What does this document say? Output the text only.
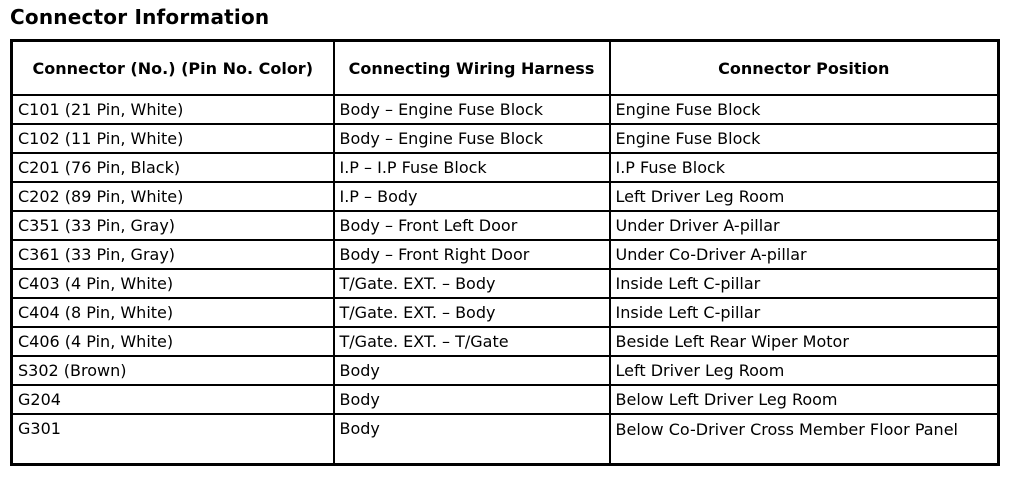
Connector Information
Connector (No.) (Pin No. Color)	Connecting Wiring Harness	Connector Position
C101 (21 Pin, White)	Body – Engine Fuse Block	Engine Fuse Block
C102 (11 Pin, White)	Body – Engine Fuse Block	Engine Fuse Block
C201 (76 Pin, Black)	I.P – I.P Fuse Block	I.P Fuse Block
C202 (89 Pin, White)	I.P – Body	Left Driver Leg Room
C351 (33 Pin, Gray)	Body – Front Left Door	Under Driver A-pillar
C361 (33 Pin, Gray)	Body – Front Right Door	Under Co-Driver A-pillar
C403 (4 Pin, White)	T/Gate. EXT. – Body	Inside Left C-pillar
C404 (8 Pin, White)	T/Gate. EXT. – Body	Inside Left C-pillar
C406 (4 Pin, White)	T/Gate. EXT. – T/Gate	Beside Left Rear Wiper Motor
S302 (Brown)	Body	Left Driver Leg Room
G204	Body	Below Left Driver Leg Room
G301	Body	Below Co-Driver Cross Member Floor Panel
